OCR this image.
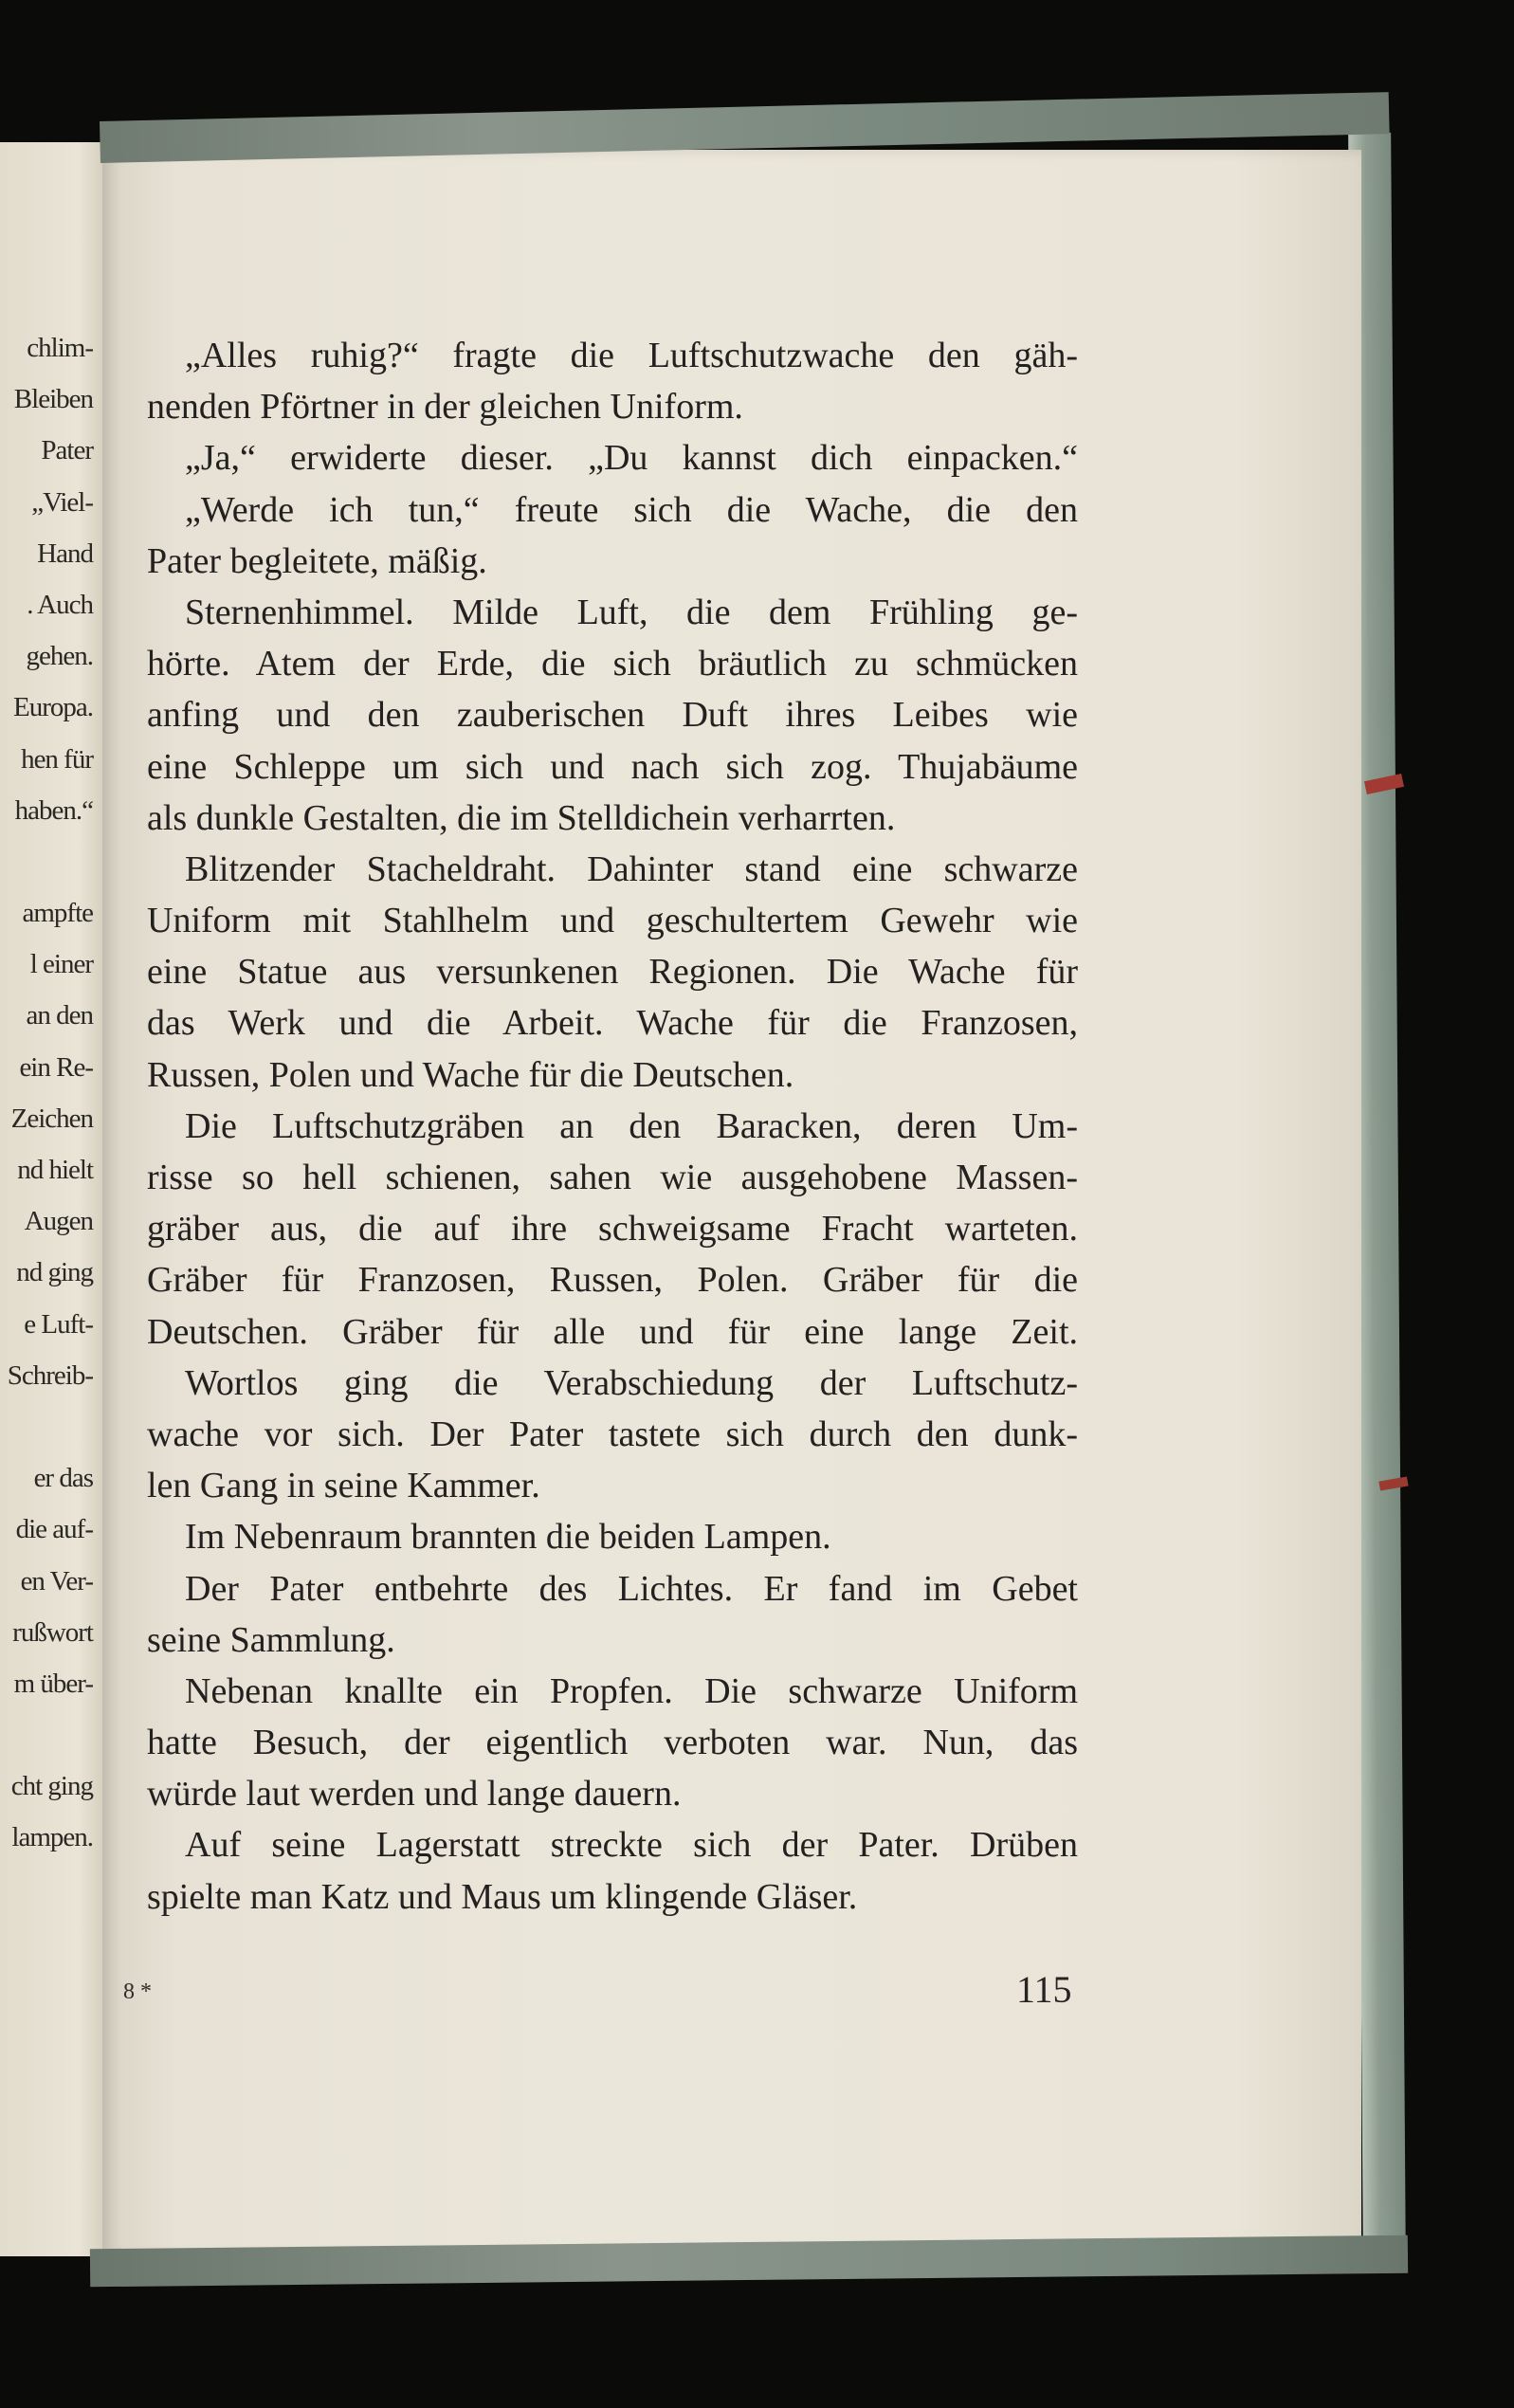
chlim-
Bleiben
Pater
„Viel-
Hand
. Auch
gehen.
Europa.
hen für
haben.“
ampfte
l einer
an den
ein Re-
Zeichen
nd hielt
Augen
nd ging
e Luft-
Schreib-
er das
die auf-
en Ver-
rußwort
m über-
cht ging
lampen.
„Alles ruhig?“ fragte die Luftschutzwache den gäh-
nenden Pförtner in der gleichen Uniform.
„Ja,“ erwiderte dieser. „Du kannst dich einpacken.“
„Werde ich tun,“ freute sich die Wache, die den
Pater begleitete, mäßig.
Sternenhimmel. Milde Luft, die dem Frühling ge-
hörte. Atem der Erde, die sich bräutlich zu schmücken
anfing und den zauberischen Duft ihres Leibes wie
eine Schleppe um sich und nach sich zog. Thujabäume
als dunkle Gestalten, die im Stelldichein verharrten.
Blitzender Stacheldraht. Dahinter stand eine schwarze
Uniform mit Stahlhelm und geschultertem Gewehr wie
eine Statue aus versunkenen Regionen. Die Wache für
das Werk und die Arbeit. Wache für die Franzosen,
Russen, Polen und Wache für die Deutschen.
Die Luftschutzgräben an den Baracken, deren Um-
risse so hell schienen, sahen wie ausgehobene Massen-
gräber aus, die auf ihre schweigsame Fracht warteten.
Gräber für Franzosen, Russen, Polen. Gräber für die
Deutschen. Gräber für alle und für eine lange Zeit.
Wortlos ging die Verabschiedung der Luftschutz-
wache vor sich. Der Pater tastete sich durch den dunk-
len Gang in seine Kammer.
Im Nebenraum brannten die beiden Lampen.
Der Pater entbehrte des Lichtes. Er fand im Gebet
seine Sammlung.
Nebenan knallte ein Propfen. Die schwarze Uniform
hatte Besuch, der eigentlich verboten war. Nun, das
würde laut werden und lange dauern.
Auf seine Lagerstatt streckte sich der Pater. Drüben
spielte man Katz und Maus um klingende Gläser.
8 *	115
